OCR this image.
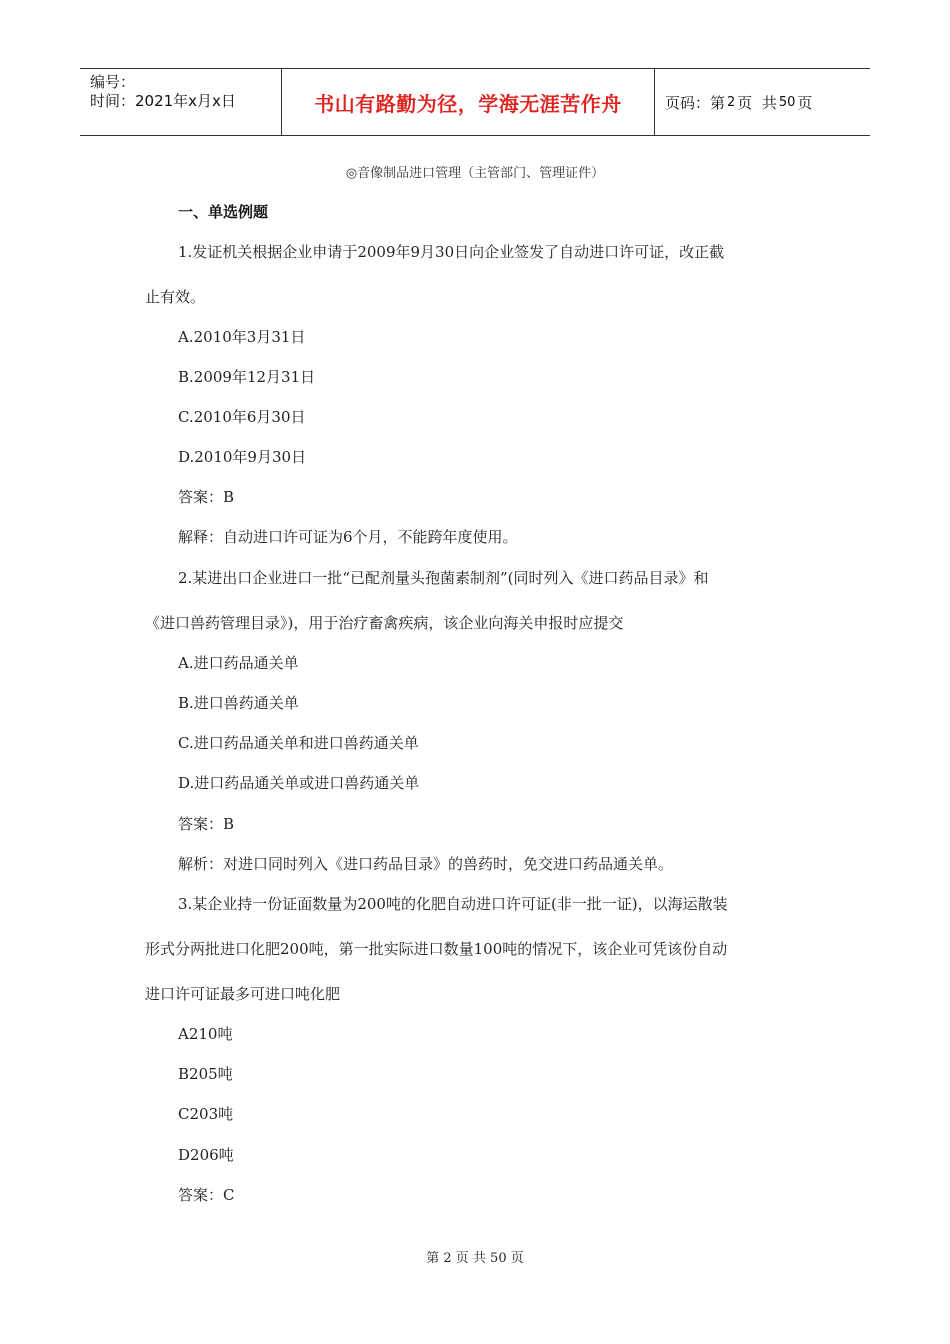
编号：
时间：2021年x月x日	书山有路勤为径，学海无涯苦作舟	页码：第 2 页  共 50 页
◎音像制品进口管理（主管部门、管理证件）
一、单选例题
1.发证机关根据企业申请于2009年9月30日向企业签发了自动进口许可证，改正截
止有效。
A.2010年3月31日
B.2009年12月31日
C.2010年6月30日
D.2010年9月30日
答案：B
解释：自动进口许可证为6个月，不能跨年度使用。
2.某进出口企业进口一批“已配剂量头孢菌素制剂”(同时列入《进口药品目录》和
《进口兽药管理目录》)，用于治疗畜禽疾病，该企业向海关申报时应提交
A.进口药品通关单
B.进口兽药通关单
C.进口药品通关单和进口兽药通关单
D.进口药品通关单或进口兽药通关单
答案：B
解析：对进口同时列入《进口药品目录》的兽药时，免交进口药品通关单。
3.某企业持一份证面数量为200吨的化肥自动进口许可证(非一批一证)，以海运散装
形式分两批进口化肥200吨，第一批实际进口数量100吨的情况下，该企业可凭该份自动
进口许可证最多可进口吨化肥
A210吨
B205吨
C203吨
D206吨
答案：C
第 2 页 共 50 页
